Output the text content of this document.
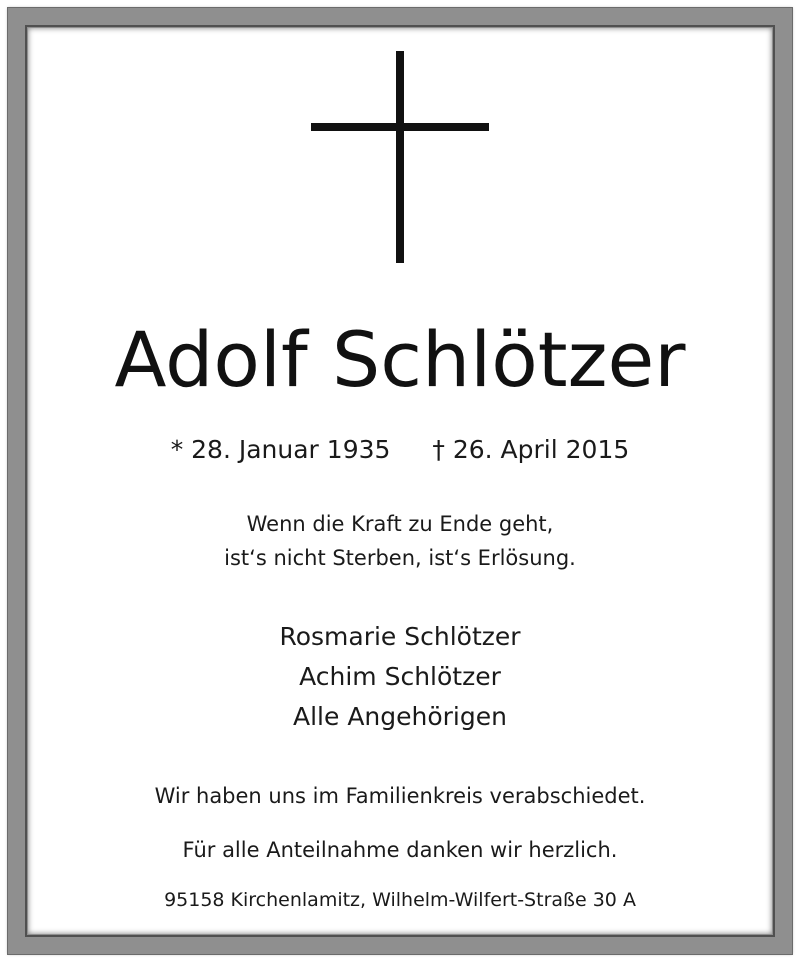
Adolf Schlötzer
* 28. Januar 1935 † 26. April 2015
Wenn die Kraft zu Ende geht,
ist‘s nicht Sterben, ist‘s Erlösung.
Rosmarie Schlötzer
Achim Schlötzer
Alle Angehörigen
Wir haben uns im Familienkreis verabschiedet.
Für alle Anteilnahme danken wir herzlich.
95158 Kirchenlamitz, Wilhelm-Wilfert-Straße 30 A
